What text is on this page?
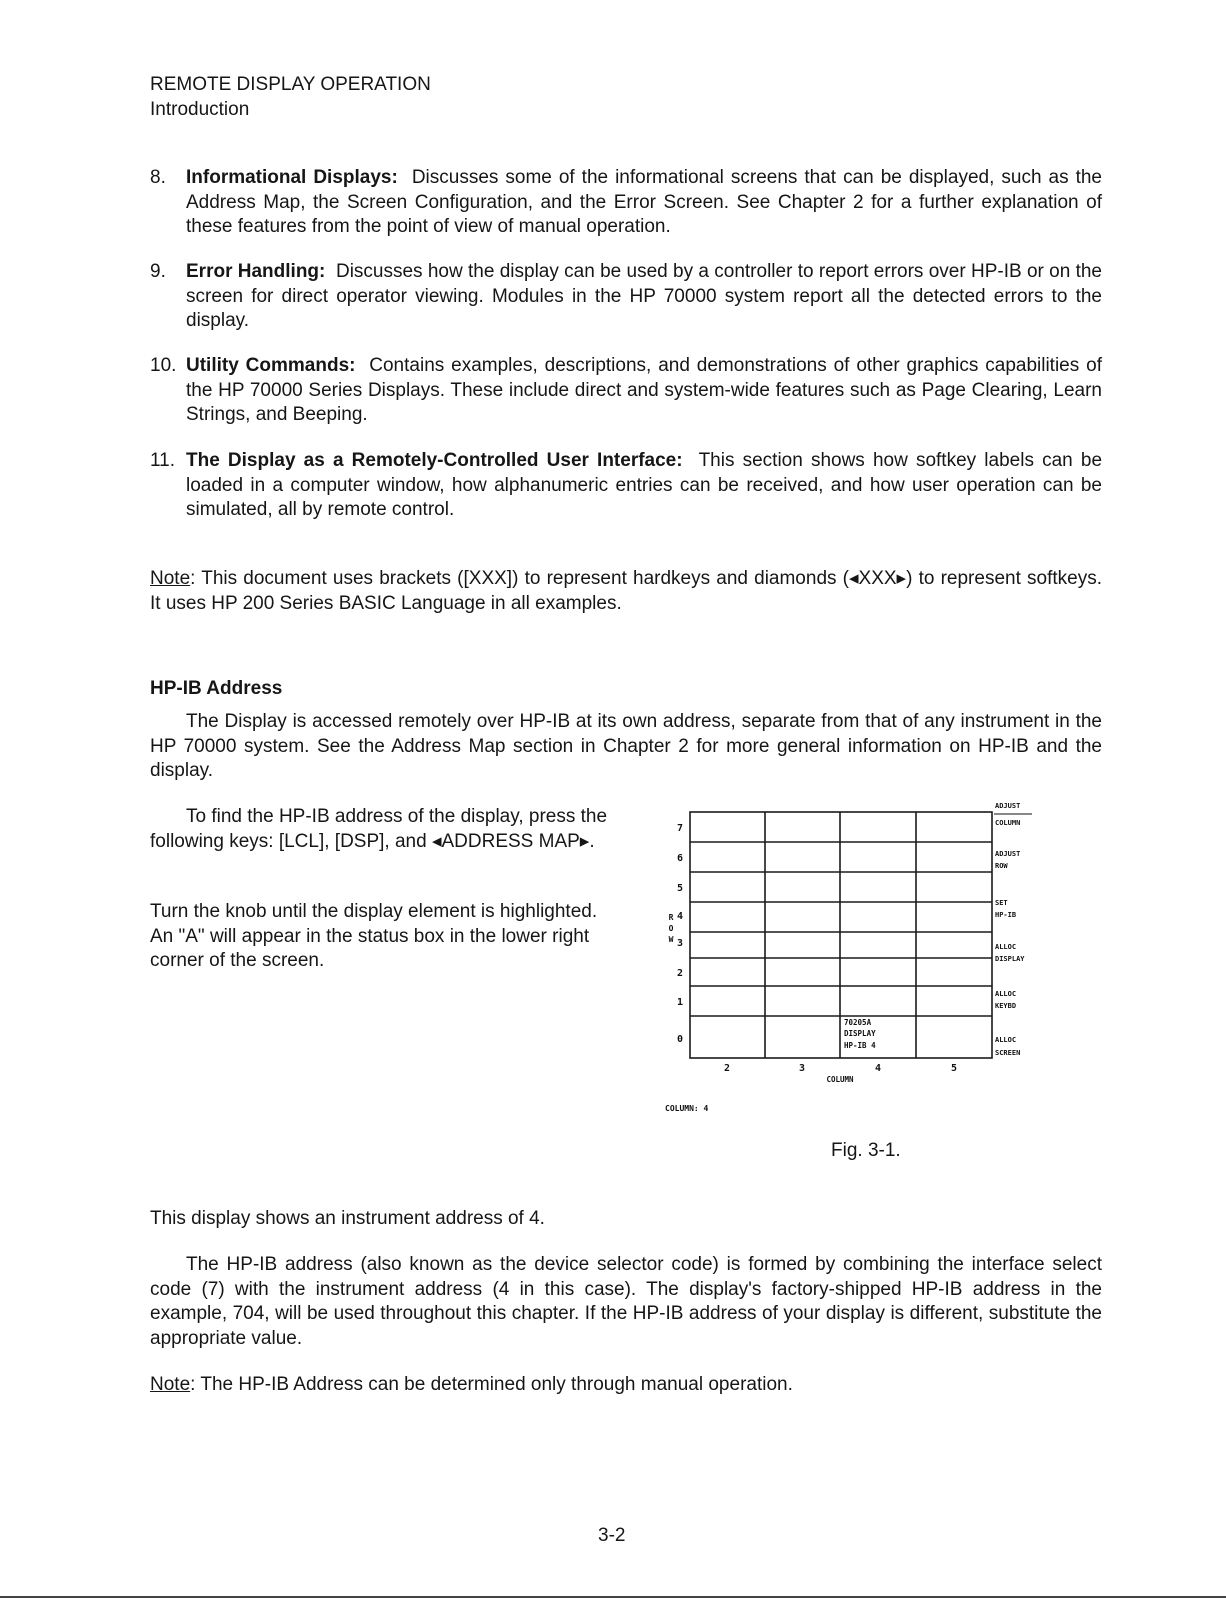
REMOTE DISPLAY OPERATION
Introduction
8. Informational Displays: Discusses some of the informational screens that can be displayed, such as the Address Map, the Screen Configuration, and the Error Screen. See Chapter 2 for a further explanation of these features from the point of view of manual operation.
9. Error Handling: Discusses how the display can be used by a controller to report errors over HP-IB or on the screen for direct operator viewing. Modules in the HP 70000 system report all the detected errors to the display.
10. Utility Commands: Contains examples, descriptions, and demonstrations of other graphics capabilities of the HP 70000 Series Displays. These include direct and system-wide features such as Page Clearing, Learn Strings, and Beeping.
11. The Display as a Remotely-Controlled User Interface: This section shows how softkey labels can be loaded in a computer window, how alphanumeric entries can be received, and how user operation can be simulated, all by remote control.
Note: This document uses brackets ([XXX]) to represent hardkeys and diamonds (◂XXX▸) to represent softkeys. It uses HP 200 Series BASIC Language in all examples.
HP-IB Address
The Display is accessed remotely over HP-IB at its own address, separate from that of any instrument in the HP 70000 system. See the Address Map section in Chapter 2 for more general information on HP-IB and the display.
To find the HP-IB address of the display, press the following keys: [LCL], [DSP], and ◂ADDRESS MAP▸.
Turn the knob until the display element is highlighted. An "A" will appear in the status box in the lower right corner of the screen.
7
6
5
4
3
2
1
0
R
O
W
2	3	4	5
COLUMN
COLUMN: 4
70205A
DISPLAY
HP-IB 4
ADJUST
COLUMN
ADJUST
ROW
SET
HP-IB
ALLOC
DISPLAY
ALLOC
KEYBD
ALLOC
SCREEN
Fig. 3-1.
This display shows an instrument address of 4.
The HP-IB address (also known as the device selector code) is formed by combining the interface select code (7) with the instrument address (4 in this case). The display's factory-shipped HP-IB address in the example, 704, will be used throughout this chapter. If the HP-IB address of your display is different, substitute the appropriate value.
Note: The HP-IB Address can be determined only through manual operation.
3-2
